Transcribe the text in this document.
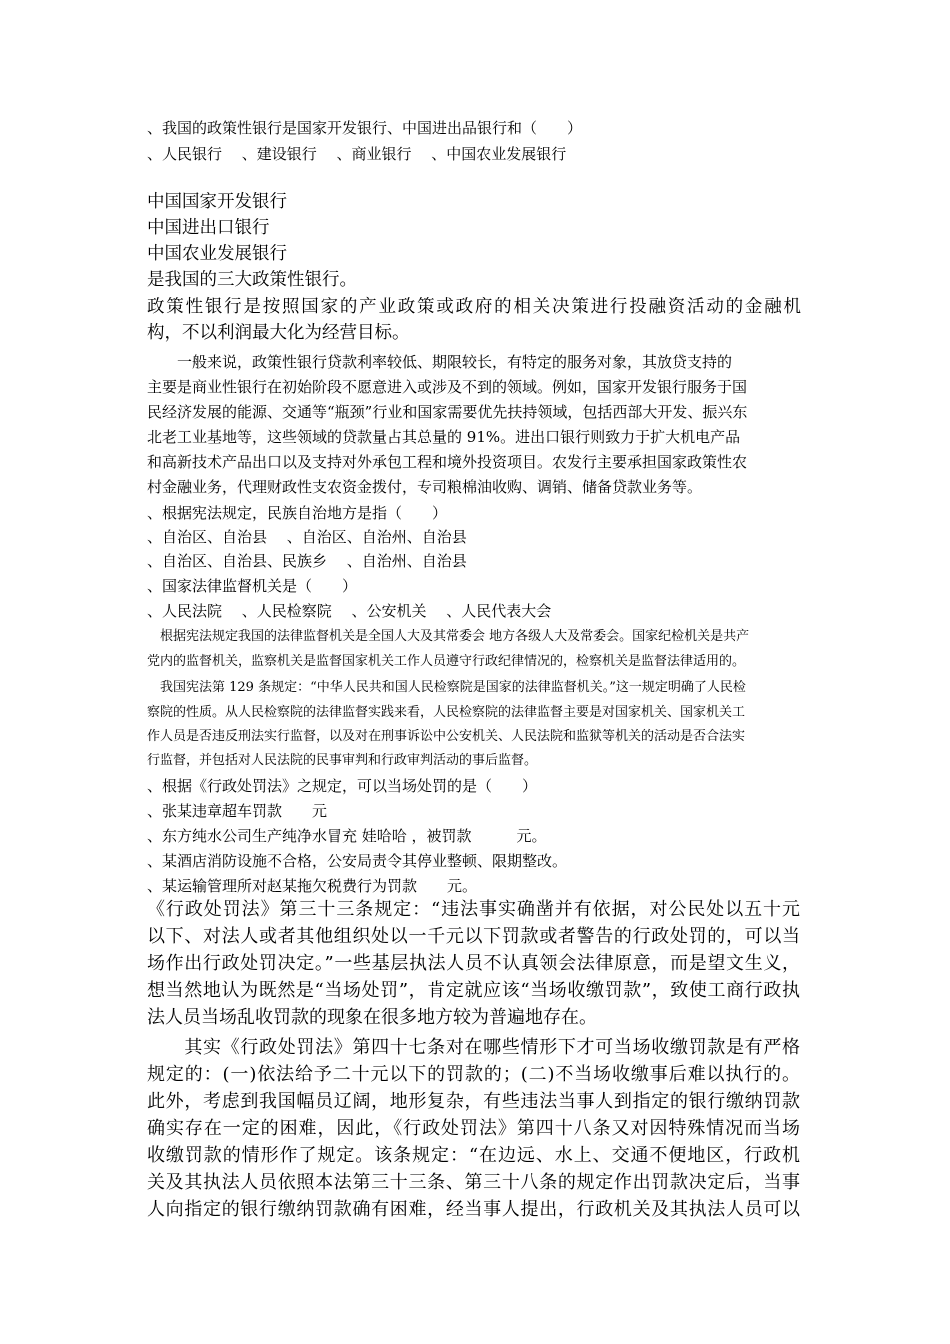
、我国的政策性银行是国家开发银行、中国进出品银行和（　　）

、人民银行　 、建设银行　 、商业银行　 、中国农业发展银行

中国国家开发银行

中国进出口银行

中国农业发展银行

是我国的三大政策性银行。

政策性银行是按照国家的产业政策或政府的相关决策进行投融资活动的金融机

构，不以利润最大化为经营目标。

　　一般来说，政策性银行贷款利率较低、期限较长，有特定的服务对象，其放贷支持的

主要是商业性银行在初始阶段不愿意进入或涉及不到的领域。例如，国家开发银行服务于国

民经济发展的能源、交通等“瓶颈”行业和国家需要优先扶持领域，包括西部大开发、振兴东

北老工业基地等，这些领域的贷款量占其总量的 91%。进出口银行则致力于扩大机电产品

和高新技术产品出口以及支持对外承包工程和境外投资项目。农发行主要承担国家政策性农

村金融业务，代理财政性支农资金拨付，专司粮棉油收购、调销、储备贷款业务等。

、根据宪法规定，民族自治地方是指（　　）

、自治区、自治县　 、自治区、自治州、自治县

、自治区、自治县、民族乡　 、自治州、自治县

、国家法律监督机关是（　　）

、人民法院　 、人民检察院　 、公安机关　 、人民代表大会

　根据宪法规定我国的法律监督机关是全国人大及其常委会 地方各级人大及常委会。国家纪检机关是共产

党内的监督机关，监察机关是监督国家机关工作人员遵守行政纪律情况的，检察机关是监督法律适用的。

　我国宪法第 129 条规定：“中华人民共和国人民检察院是国家的法律监督机关。”这一规定明确了人民检

察院的性质。从人民检察院的法律监督实践来看，人民检察院的法律监督主要是对国家机关、国家机关工

作人员是否违反刑法实行监督，以及对在刑事诉讼中公安机关、人民法院和监狱等机关的活动是否合法实

行监督，并包括对人民法院的民事审判和行政审判活动的事后监督。

、根据《行政处罚法》之规定，可以当场处罚的是（　　）

、张某违章超车罚款　　元

、东方纯水公司生产纯净水冒充 娃哈哈 ，被罚款　　　元。

、某酒店消防设施不合格，公安局责令其停业整顿、限期整改。

、某运输管理所对赵某拖欠税费行为罚款　　元。

《行政处罚法》第三十三条规定：“违法事实确凿并有依据，对公民处以五十元

以下、对法人或者其他组织处以一千元以下罚款或者警告的行政处罚的，可以当

场作出行政处罚决定。”一些基层执法人员不认真领会法律原意，而是望文生义，

想当然地认为既然是“当场处罚”，肯定就应该“当场收缴罚款”，致使工商行政执

法人员当场乱收罚款的现象在很多地方较为普遍地存在。

　　其实《行政处罚法》第四十七条对在哪些情形下才可当场收缴罚款是有严格

规定的：(一)依法给予二十元以下的罚款的；(二)不当场收缴事后难以执行的。

此外，考虑到我国幅员辽阔，地形复杂，有些违法当事人到指定的银行缴纳罚款

确实存在一定的困难，因此，《行政处罚法》第四十八条又对因特殊情况而当场

收缴罚款的情形作了规定。该条规定：“在边远、水上、交通不便地区，行政机

关及其执法人员依照本法第三十三条、第三十八条的规定作出罚款决定后，当事

人向指定的银行缴纳罚款确有困难，经当事人提出，行政机关及其执法人员可以
